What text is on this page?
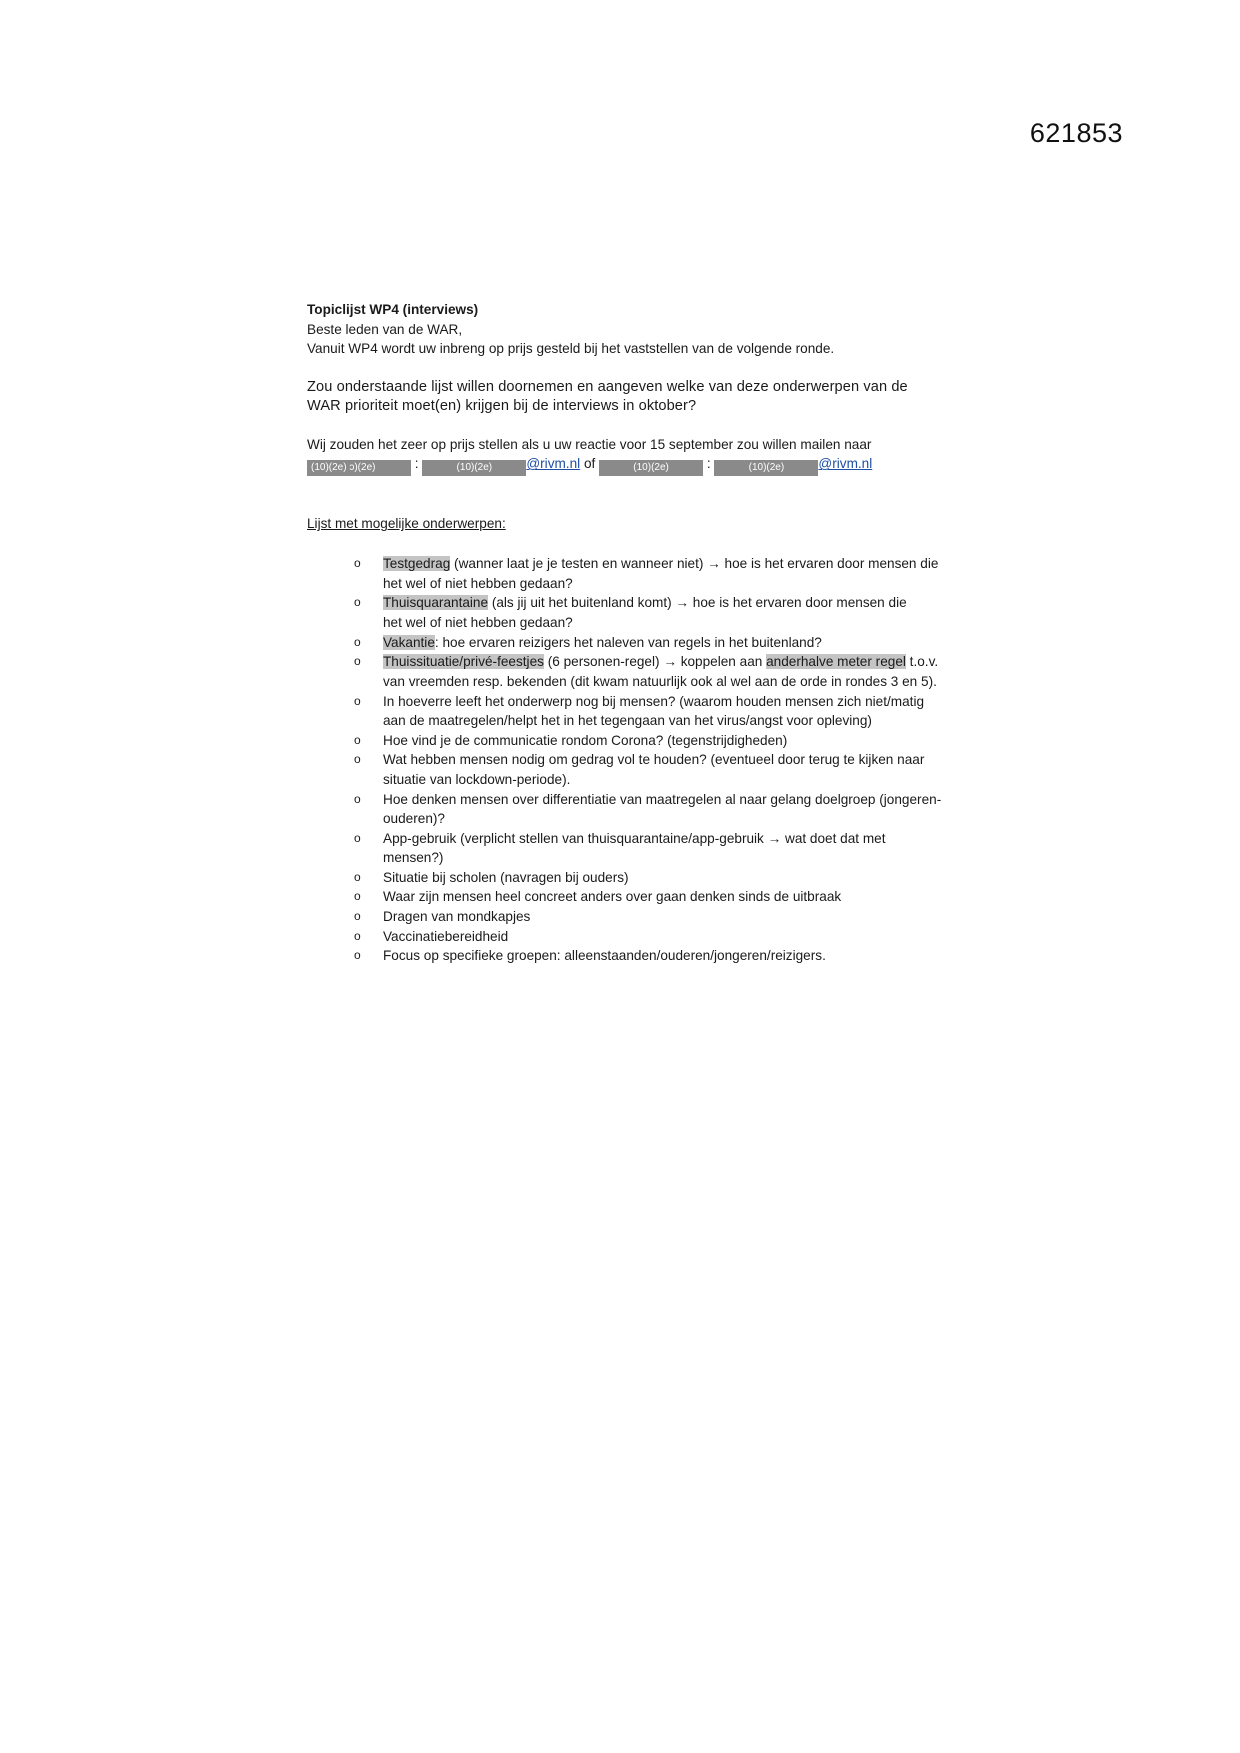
621853

Topiclijst WP4 (interviews)

Beste leden van de WAR,

Vanuit WP4 wordt uw inbreng op prijs gesteld bij het vaststellen van de volgende ronde.

Zou onderstaande lijst willen doornemen en aangeven welke van deze onderwerpen van de

WAR prioriteit moet(en) krijgen bij de interviews in oktober?

Wij zouden het zeer op prijs stellen als u uw reactie voor 15 september zou willen mailen naar

(10)(2e) ɔ)(2e)	:	(10)(2e)	@rivm.nl of	(10)(2e)	:	(10)(2e)	@rivm.nl

Lijst met mogelijke onderwerpen:

o Testgedrag (wanner laat je je testen en wanneer niet) → hoe is het ervaren door mensen die het wel of niet hebben gedaan?
o Thuisquarantaine (als jij uit het buitenland komt) → hoe is het ervaren door mensen die
het wel of niet hebben gedaan?
o Vakantie: hoe ervaren reizigers het naleven van regels in het buitenland?
o Thuissituatie/privé-feestjes (6 personen-regel) → koppelen aan anderhalve meter regel t.o.v. van vreemden resp. bekenden (dit kwam natuurlijk ook al wel aan de orde in rondes 3 en 5).
o In hoeverre leeft het onderwerp nog bij mensen? (waarom houden mensen zich niet/matig aan de maatregelen/helpt het in het tegengaan van het virus/angst voor opleving)
o Hoe vind je de communicatie rondom Corona? (tegenstrijdigheden)
o Wat hebben mensen nodig om gedrag vol te houden? (eventueel door terug te kijken naar situatie van lockdown-periode).
o Hoe denken mensen over differentiatie van maatregelen al naar gelang doelgroep (jongeren-ouderen)?
o App-gebruik (verplicht stellen van thuisquarantaine/app-gebruik → wat doet dat met mensen?)
o Situatie bij scholen (navragen bij ouders)
o Waar zijn mensen heel concreet anders over gaan denken sinds de uitbraak
o Dragen van mondkapjes
o Vaccinatiebereidheid
o Focus op specifieke groepen: alleenstaanden/ouderen/jongeren/reizigers.
